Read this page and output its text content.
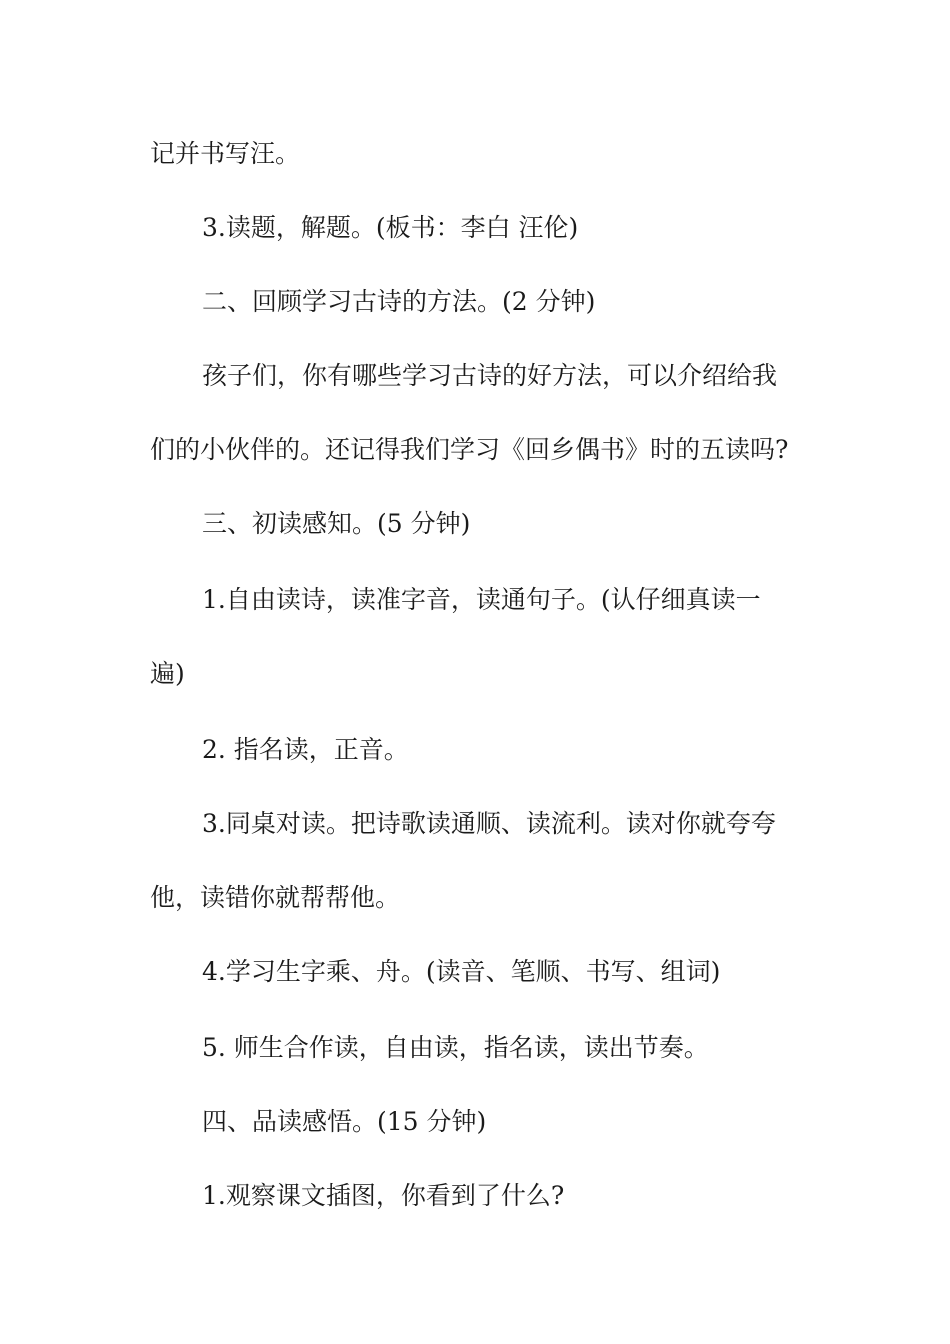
记并书写汪。
3.读题，解题。(板书：李白 汪伦)
二、回顾学习古诗的方法。(2 分钟)
孩子们，你有哪些学习古诗的好方法，可以介绍给我
们的小伙伴的。还记得我们学习《回乡偶书》时的五读吗?
三、初读感知。(5 分钟)
1.自由读诗，读准字音，读通句子。(认仔细真读一
遍)
2. 指名读，正音。
3.同桌对读。把诗歌读通顺、读流利。读对你就夸夸
他，读错你就帮帮他。
4.学习生字乘、舟。(读音、笔顺、书写、组词)
5. 师生合作读，自由读，指名读，读出节奏。
四、品读感悟。(15 分钟)
1.观察课文插图，你看到了什么?
